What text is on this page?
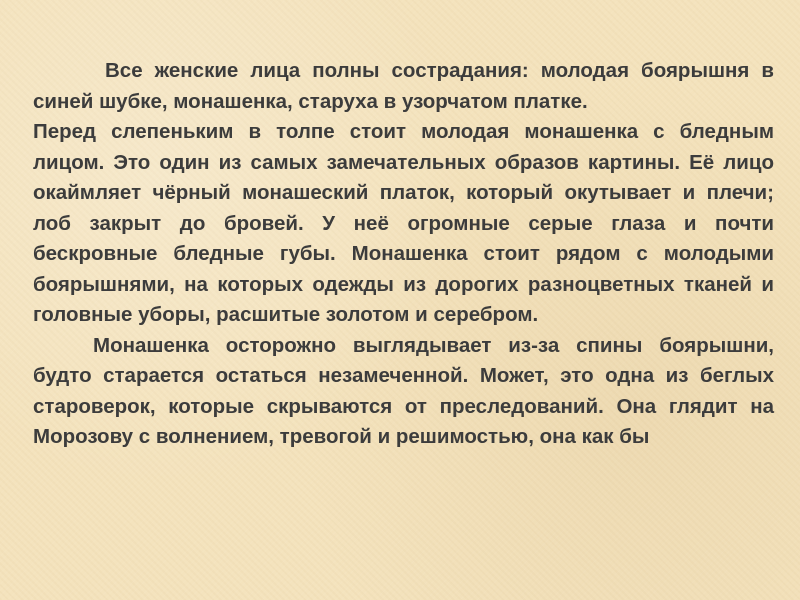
Все женские лица полны сострадания: молодая боярышня в синей шубке, монашенка, старуха в узорчатом платке.

Перед слепеньким в толпе стоит молодая монашенка с бледным лицом. Это один из самых замечательных образов картины. Её лицо окаймляет чёрный монашеский платок, который окутывает и плечи; лоб закрыт до бровей. У неё огромные серые глаза и почти бескровные бледные губы. Монашенка стоит рядом с молодыми боярышнями, на которых одежды из дорогих разноцветных тканей и головные уборы, расшитые золотом и серебром.

Монашенка осторожно выглядывает из-за спины боярышни, будто старается остаться незамеченной. Может, это одна из беглых староверок, которые скрываются от преследований. Она глядит на Морозову с волнением, тревогой и решимостью, она как бы
